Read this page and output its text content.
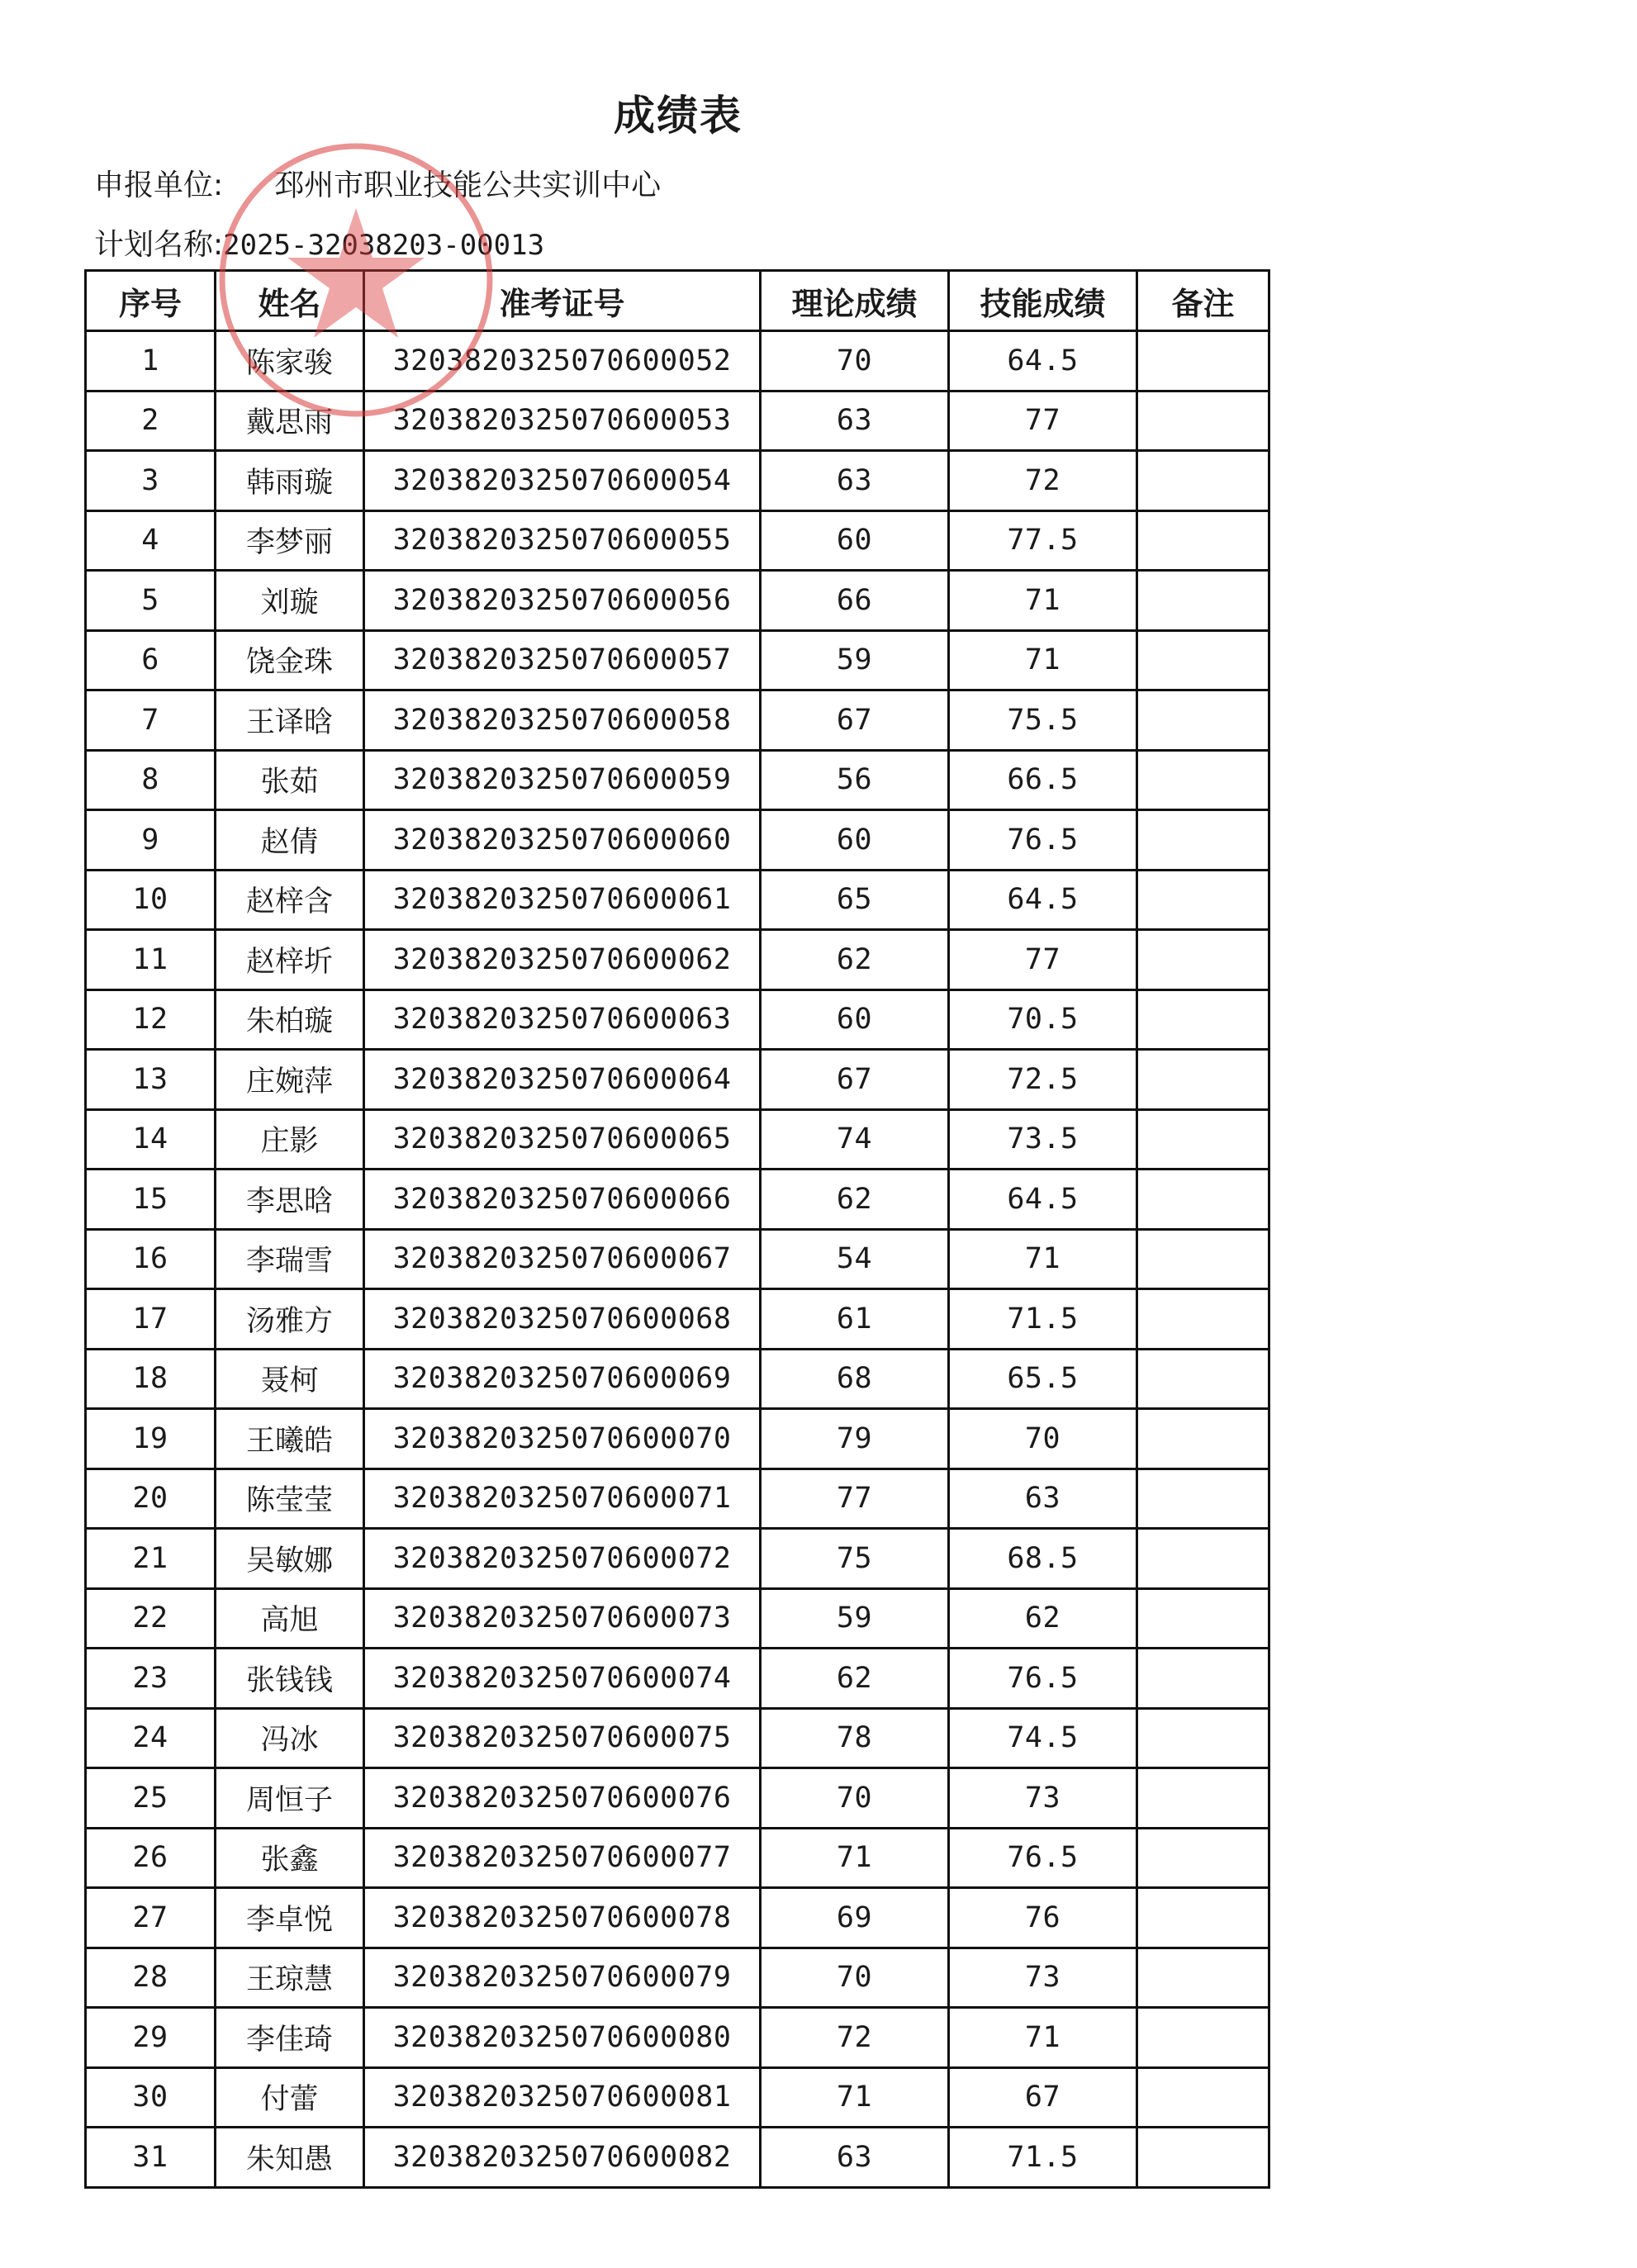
成绩表
申报单位: 邳州市职业技能公共实训中心
计划名称:2025-32038203-00013
序号	姓名	准考证号	理论成绩	技能成绩	备注
1	陈家骏	3203820325070600052	70	64.5	
2	戴思雨	3203820325070600053	63	77	
3	韩雨璇	3203820325070600054	63	72	
4	李梦丽	3203820325070600055	60	77.5	
5	刘璇	3203820325070600056	66	71	
6	饶金珠	3203820325070600057	59	71	
7	王译晗	3203820325070600058	67	75.5	
8	张茹	3203820325070600059	56	66.5	
9	赵倩	3203820325070600060	60	76.5	
10	赵梓含	3203820325070600061	65	64.5	
11	赵梓圻	3203820325070600062	62	77	
12	朱柏璇	3203820325070600063	60	70.5	
13	庄婉萍	3203820325070600064	67	72.5	
14	庄影	3203820325070600065	74	73.5	
15	李思晗	3203820325070600066	62	64.5	
16	李瑞雪	3203820325070600067	54	71	
17	汤雅方	3203820325070600068	61	71.5	
18	聂柯	3203820325070600069	68	65.5	
19	王曦皓	3203820325070600070	79	70	
20	陈莹莹	3203820325070600071	77	63	
21	吴敏娜	3203820325070600072	75	68.5	
22	高旭	3203820325070600073	59	62	
23	张钱钱	3203820325070600074	62	76.5	
24	冯冰	3203820325070600075	78	74.5	
25	周恒子	3203820325070600076	70	73	
26	张鑫	3203820325070600077	71	76.5	
27	李卓悦	3203820325070600078	69	76	
28	王琼慧	3203820325070600079	70	73	
29	李佳琦	3203820325070600080	72	71	
30	付蕾	3203820325070600081	71	67	
31	朱知愚	3203820325070600082	63	71.5	
